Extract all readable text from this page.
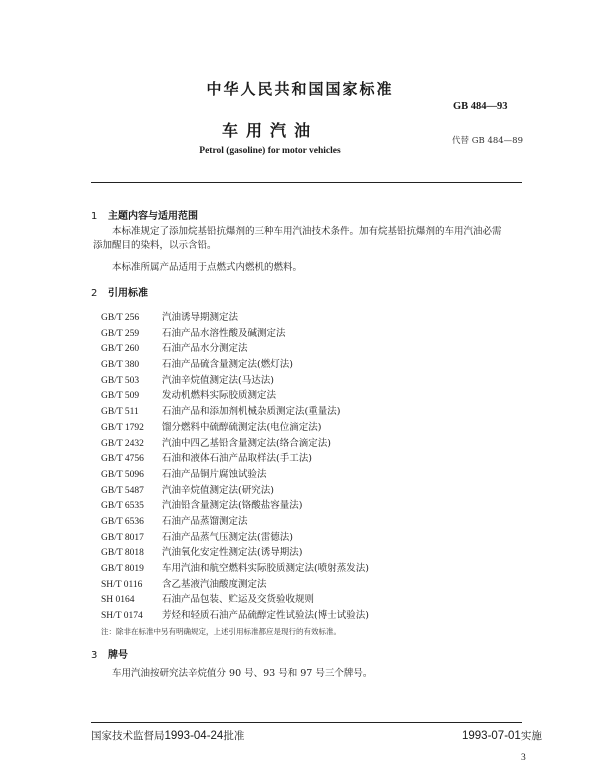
中华人民共和国国家标准
GB 484—93
车用汽油
代替 GB 484—89
Petrol (gasoline) for motor vehicles
1 主题内容与适用范围
本标准规定了添加烷基铅抗爆剂的三种车用汽油技术条件。加有烷基铅抗爆剂的车用汽油必需添加醒目的染料，以示含铅。
本标准所属产品适用于点燃式内燃机的燃料。
2 引用标准
GB/T 256 汽油诱导期测定法
GB/T 259 石油产品水溶性酸及碱测定法
GB/T 260 石油产品水分测定法
GB/T 380 石油产品硫含量测定法(燃灯法)
GB/T 503 汽油辛烷值测定法(马达法)
GB/T 509 发动机燃料实际胶质测定法
GB/T 511 石油产品和添加剂机械杂质测定法(重量法)
GB/T 1792 馏分燃料中硫醇硫测定法(电位滴定法)
GB/T 2432 汽油中四乙基铅含量测定法(络合滴定法)
GB/T 4756 石油和液体石油产品取样法(手工法)
GB/T 5096 石油产品铜片腐蚀试验法
GB/T 5487 汽油辛烷值测定法(研究法)
GB/T 6535 汽油铅含量测定法(铬酸盐容量法)
GB/T 6536 石油产品蒸馏测定法
GB/T 8017 石油产品蒸气压测定法(雷德法)
GB/T 8018 汽油氧化安定性测定法(诱导期法)
GB/T 8019 车用汽油和航空燃料实际胶质测定法(喷射蒸发法)
SH/T 0116 含乙基液汽油酸度测定法
SH 0164	石油产品包装、贮运及交货验收规则
SH/T 0174 芳烃和轻质石油产品硫醇定性试验法(博士试验法)
注：除非在标准中另有明确规定，上述引用标准都应是现行的有效标准。
3 牌号
车用汽油按研究法辛烷值分 90 号、93 号和 97 号三个牌号。
国家技术监督局1993-04-24批准	1993-07-01实施
3
